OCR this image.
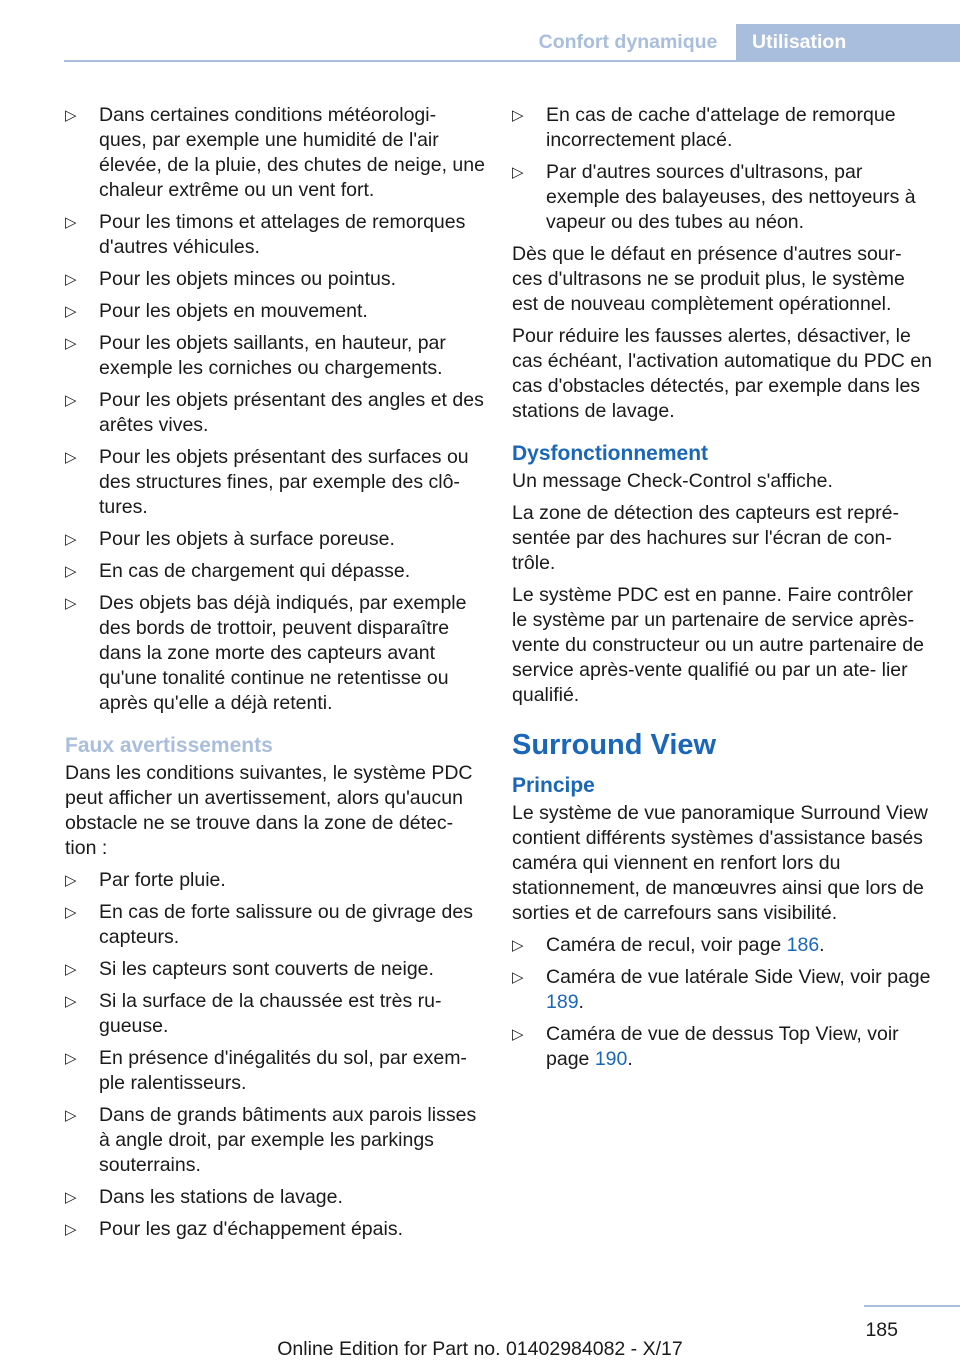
Confort dynamique	Utilisation
▷ Dans certaines conditions météorologi‐ ques, par exemple une humidité de l'air élevée, de la pluie, des chutes de neige, une chaleur extrême ou un vent fort.
▷ Pour les timons et attelages de remorques d'autres véhicules.
▷ Pour les objets minces ou pointus.
▷ Pour les objets en mouvement.
▷ Pour les objets saillants, en hauteur, par exemple les corniches ou chargements.
▷ Pour les objets présentant des angles et des arêtes vives.
▷ Pour les objets présentant des surfaces ou des structures fines, par exemple des clô‐ tures.
▷ Pour les objets à surface poreuse.
▷ En cas de chargement qui dépasse.
▷ Des objets bas déjà indiqués, par exemple des bords de trottoir, peuvent disparaître dans la zone morte des capteurs avant qu'une tonalité continue ne retentisse ou après qu'elle a déjà retenti.
Faux avertissements

Dans les conditions suivantes, le système PDC peut afficher un avertissement, alors qu'aucun obstacle ne se trouve dans la zone de détec‐ tion :

▷ Par forte pluie.
▷ En cas de forte salissure ou de givrage des capteurs.
▷ Si les capteurs sont couverts de neige.
▷ Si la surface de la chaussée est très ru‐ gueuse.
▷ En présence d'inégalités du sol, par exem‐ ple ralentisseurs.
▷ Dans de grands bâtiments aux parois lisses à angle droit, par exemple les parkings souterrains.
▷ Dans les stations de lavage.
▷ Pour les gaz d'échappement épais.
▷ En cas de cache d'attelage de remorque incorrectement placé.
▷ Par d'autres sources d'ultrasons, par exemple des balayeuses, des nettoyeurs à vapeur ou des tubes au néon.

Dès que le défaut en présence d'autres sour‐ ces d'ultrasons ne se produit plus, le système est de nouveau complètement opérationnel.

Pour réduire les fausses alertes, désactiver, le cas échéant, l'activation automatique du PDC en cas d'obstacles détectés, par exemple dans les stations de lavage.

Dysfonctionnement

Un message Check-Control s'affiche.

La zone de détection des capteurs est repré‐ sentée par des hachures sur l'écran de con‐ trôle.

Le système PDC est en panne. Faire contrôler le système par un partenaire de service après- vente du constructeur ou un autre partenaire de service après-vente qualifié ou par un ate‐ lier qualifié.

Surround View
Principe

Le système de vue panoramique Surround View contient différents systèmes d'assistance basés caméra qui viennent en renfort lors du stationnement, de manœuvres ainsi que lors de sorties et de carrefours sans visibilité.

▷ Caméra de recul, voir page 186.
▷ Caméra de vue latérale Side View, voir page 189.
▷ Caméra de vue de dessus Top View, voir page 190.
185
Online Edition for Part no. 01402984082 - X/17
